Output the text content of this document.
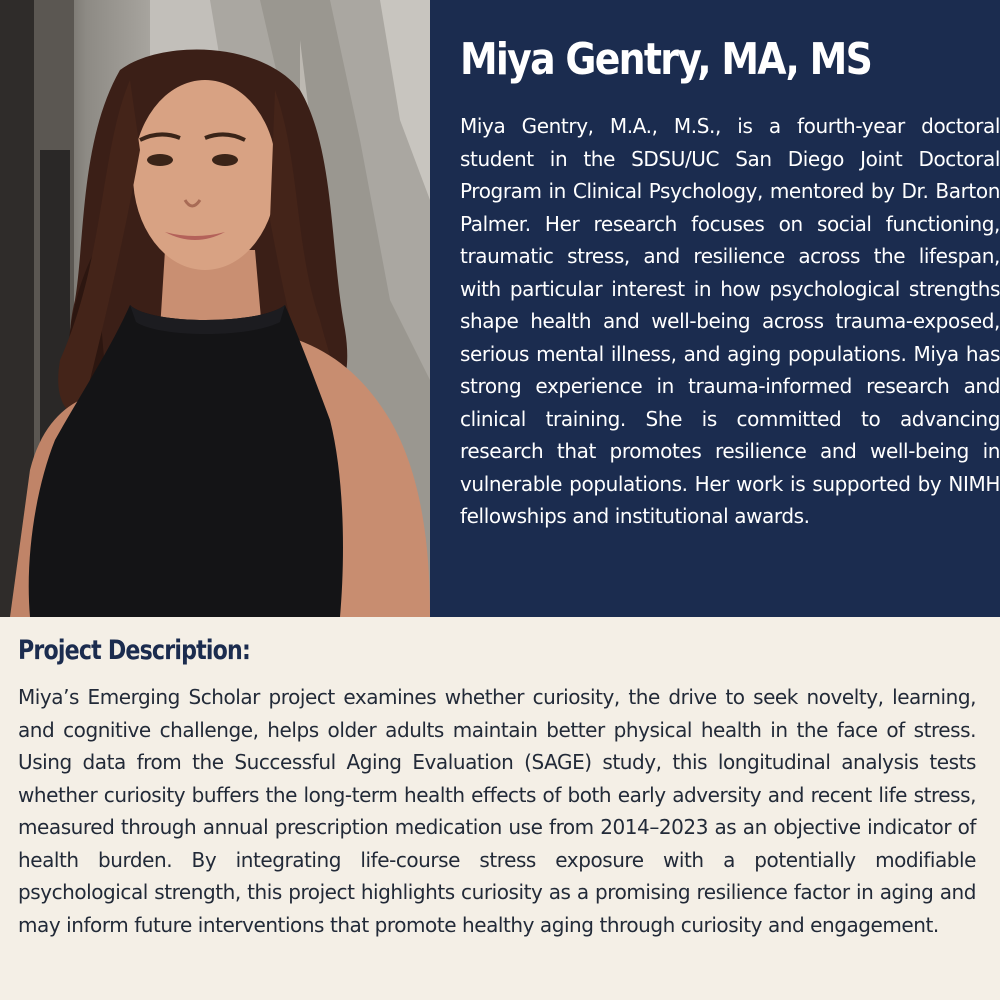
Miya Gentry, MA, MS

Miya Gentry, M.A., M.S., is a fourth-year doctoral student in the SDSU/UC San Diego Joint Doctoral Program in Clinical Psychology, mentored by Dr. Barton Palmer. Her research focuses on social functioning, traumatic stress, and resilience across the lifespan, with particular interest in how psychological strengths shape health and well-being across trauma-exposed, serious mental illness, and aging populations. Miya has strong experience in trauma-informed research and clinical training. She is committed to advancing research that promotes resilience and well-being in vulnerable populations. Her work is supported by NIMH fellowships and institutional awards.

Project Description:

Miya’s Emerging Scholar project examines whether curiosity, the drive to seek novelty, learning, and cognitive challenge, helps older adults maintain better physical health in the face of stress. Using data from the Successful Aging Evaluation (SAGE) study, this longitudinal analysis tests whether curiosity buffers the long-term health effects of both early adversity and recent life stress, measured through annual prescription medication use from 2014–2023 as an objective indicator of health burden. By integrating life-course stress exposure with a potentially modifiable psychological strength, this project highlights curiosity as a promising resilience factor in aging and may inform future interventions that promote healthy aging through curiosity and engagement.
